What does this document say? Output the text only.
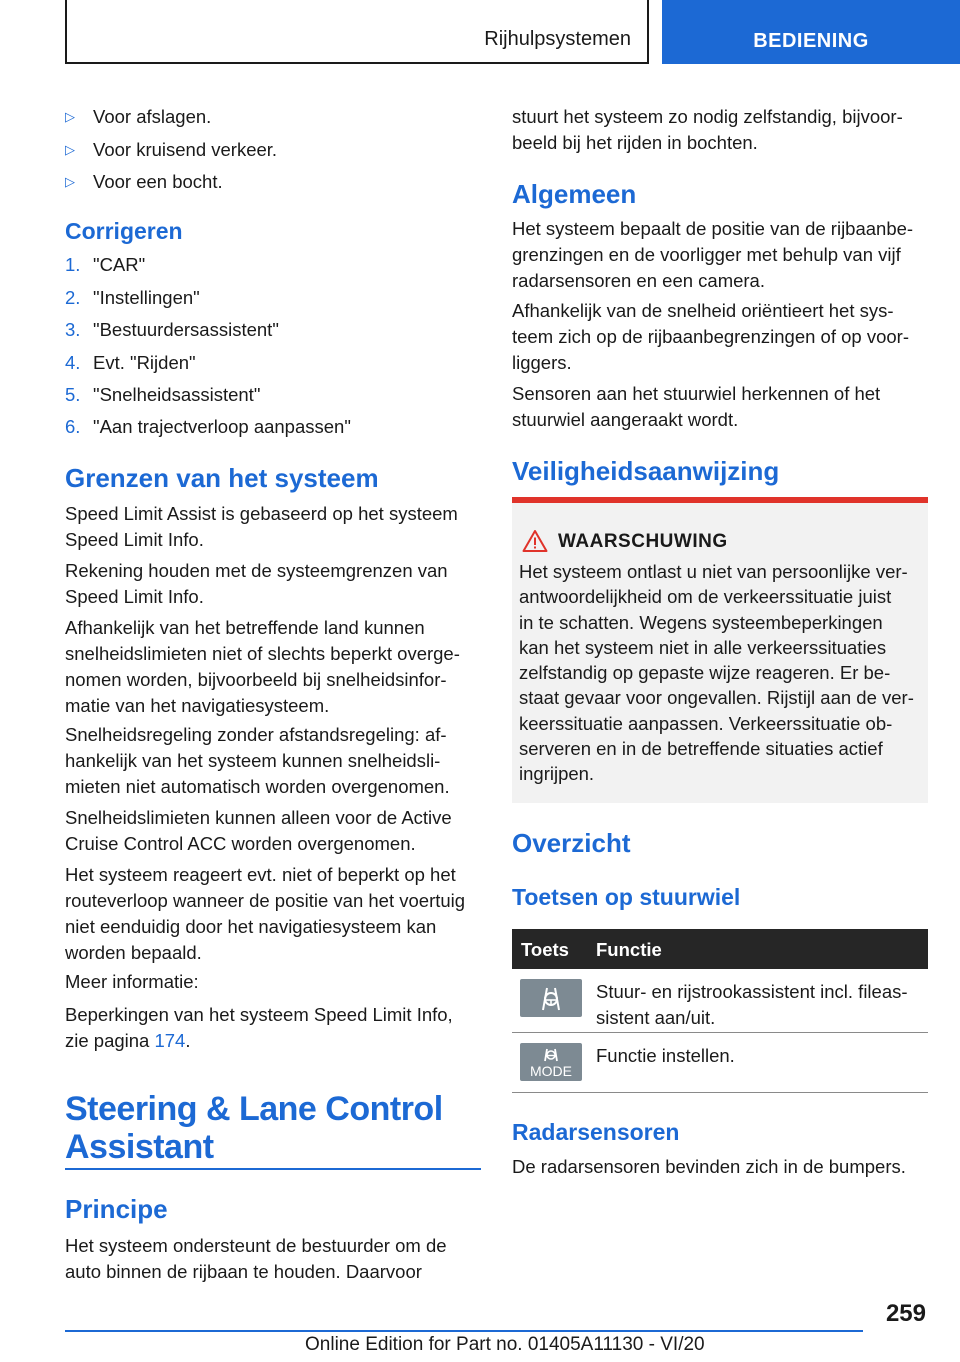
Rijhulpsystemen	BEDIENING
▷ Voor afslagen.
▷ Voor kruisend verkeer.
▷ Voor een bocht.
Corrigeren
1. "CAR"
2. "Instellingen"
3. "Bestuurdersassistent"
4. Evt. "Rijden"
5. "Snelheidsassistent"
6. "Aan trajectverloop aanpassen"
Grenzen van het systeem
Speed Limit Assist is gebaseerd op het systeem
Speed Limit Info.
Rekening houden met de systeemgrenzen van
Speed Limit Info.
Afhankelijk van het betreffende land kunnen
snelheidslimieten niet of slechts beperkt overge-
nomen worden, bijvoorbeeld bij snelheidsinfor-
matie van het navigatiesysteem.
Snelheidsregeling zonder afstandsregeling: af-
hankelijk van het systeem kunnen snelheidsli-
mieten niet automatisch worden overgenomen.
Snelheidslimieten kunnen alleen voor de Active
Cruise Control ACC worden overgenomen.
Het systeem reageert evt. niet of beperkt op het
routeverloop wanneer de positie van het voertuig
niet eenduidig door het navigatiesysteem kan
worden bepaald.
Meer informatie:
Beperkingen van het systeem Speed Limit Info,
zie pagina 174.
Steering & Lane Control
Assistant
Principe
Het systeem ondersteunt de bestuurder om de
auto binnen de rijbaan te houden. Daarvoor
stuurt het systeem zo nodig zelfstandig, bijvoor-
beeld bij het rijden in bochten.
Algemeen
Het systeem bepaalt de positie van de rijbaanbe-
grenzingen en de voorligger met behulp van vijf
radarsensoren en een camera.
Afhankelijk van de snelheid oriëntieert het sys-
teem zich op de rijbaanbegrenzingen of op voor-
liggers.
Sensoren aan het stuurwiel herkennen of het
stuurwiel aangeraakt wordt.
Veiligheidsaanwijzing
WAARSCHUWING
Het systeem ontlast u niet van persoonlijke ver-
antwoordelijkheid om de verkeerssituatie juist
in te schatten. Wegens systeembeperkingen
kan het systeem niet in alle verkeerssituaties
zelfstandig op gepaste wijze reageren. Er be-
staat gevaar voor ongevallen. Rijstijl aan de ver-
keerssituatie aanpassen. Verkeerssituatie ob-
serveren en in de betreffende situaties actief
ingrijpen.
Overzicht
Toetsen op stuurwiel
Toets Functie
Stuur- en rijstrookassistent incl. fileas-
sistent aan/uit.
MODE
Functie instellen.
Radarsensoren
De radarsensoren bevinden zich in de bumpers.
259
Online Edition for Part no. 01405A11130 - VI/20
